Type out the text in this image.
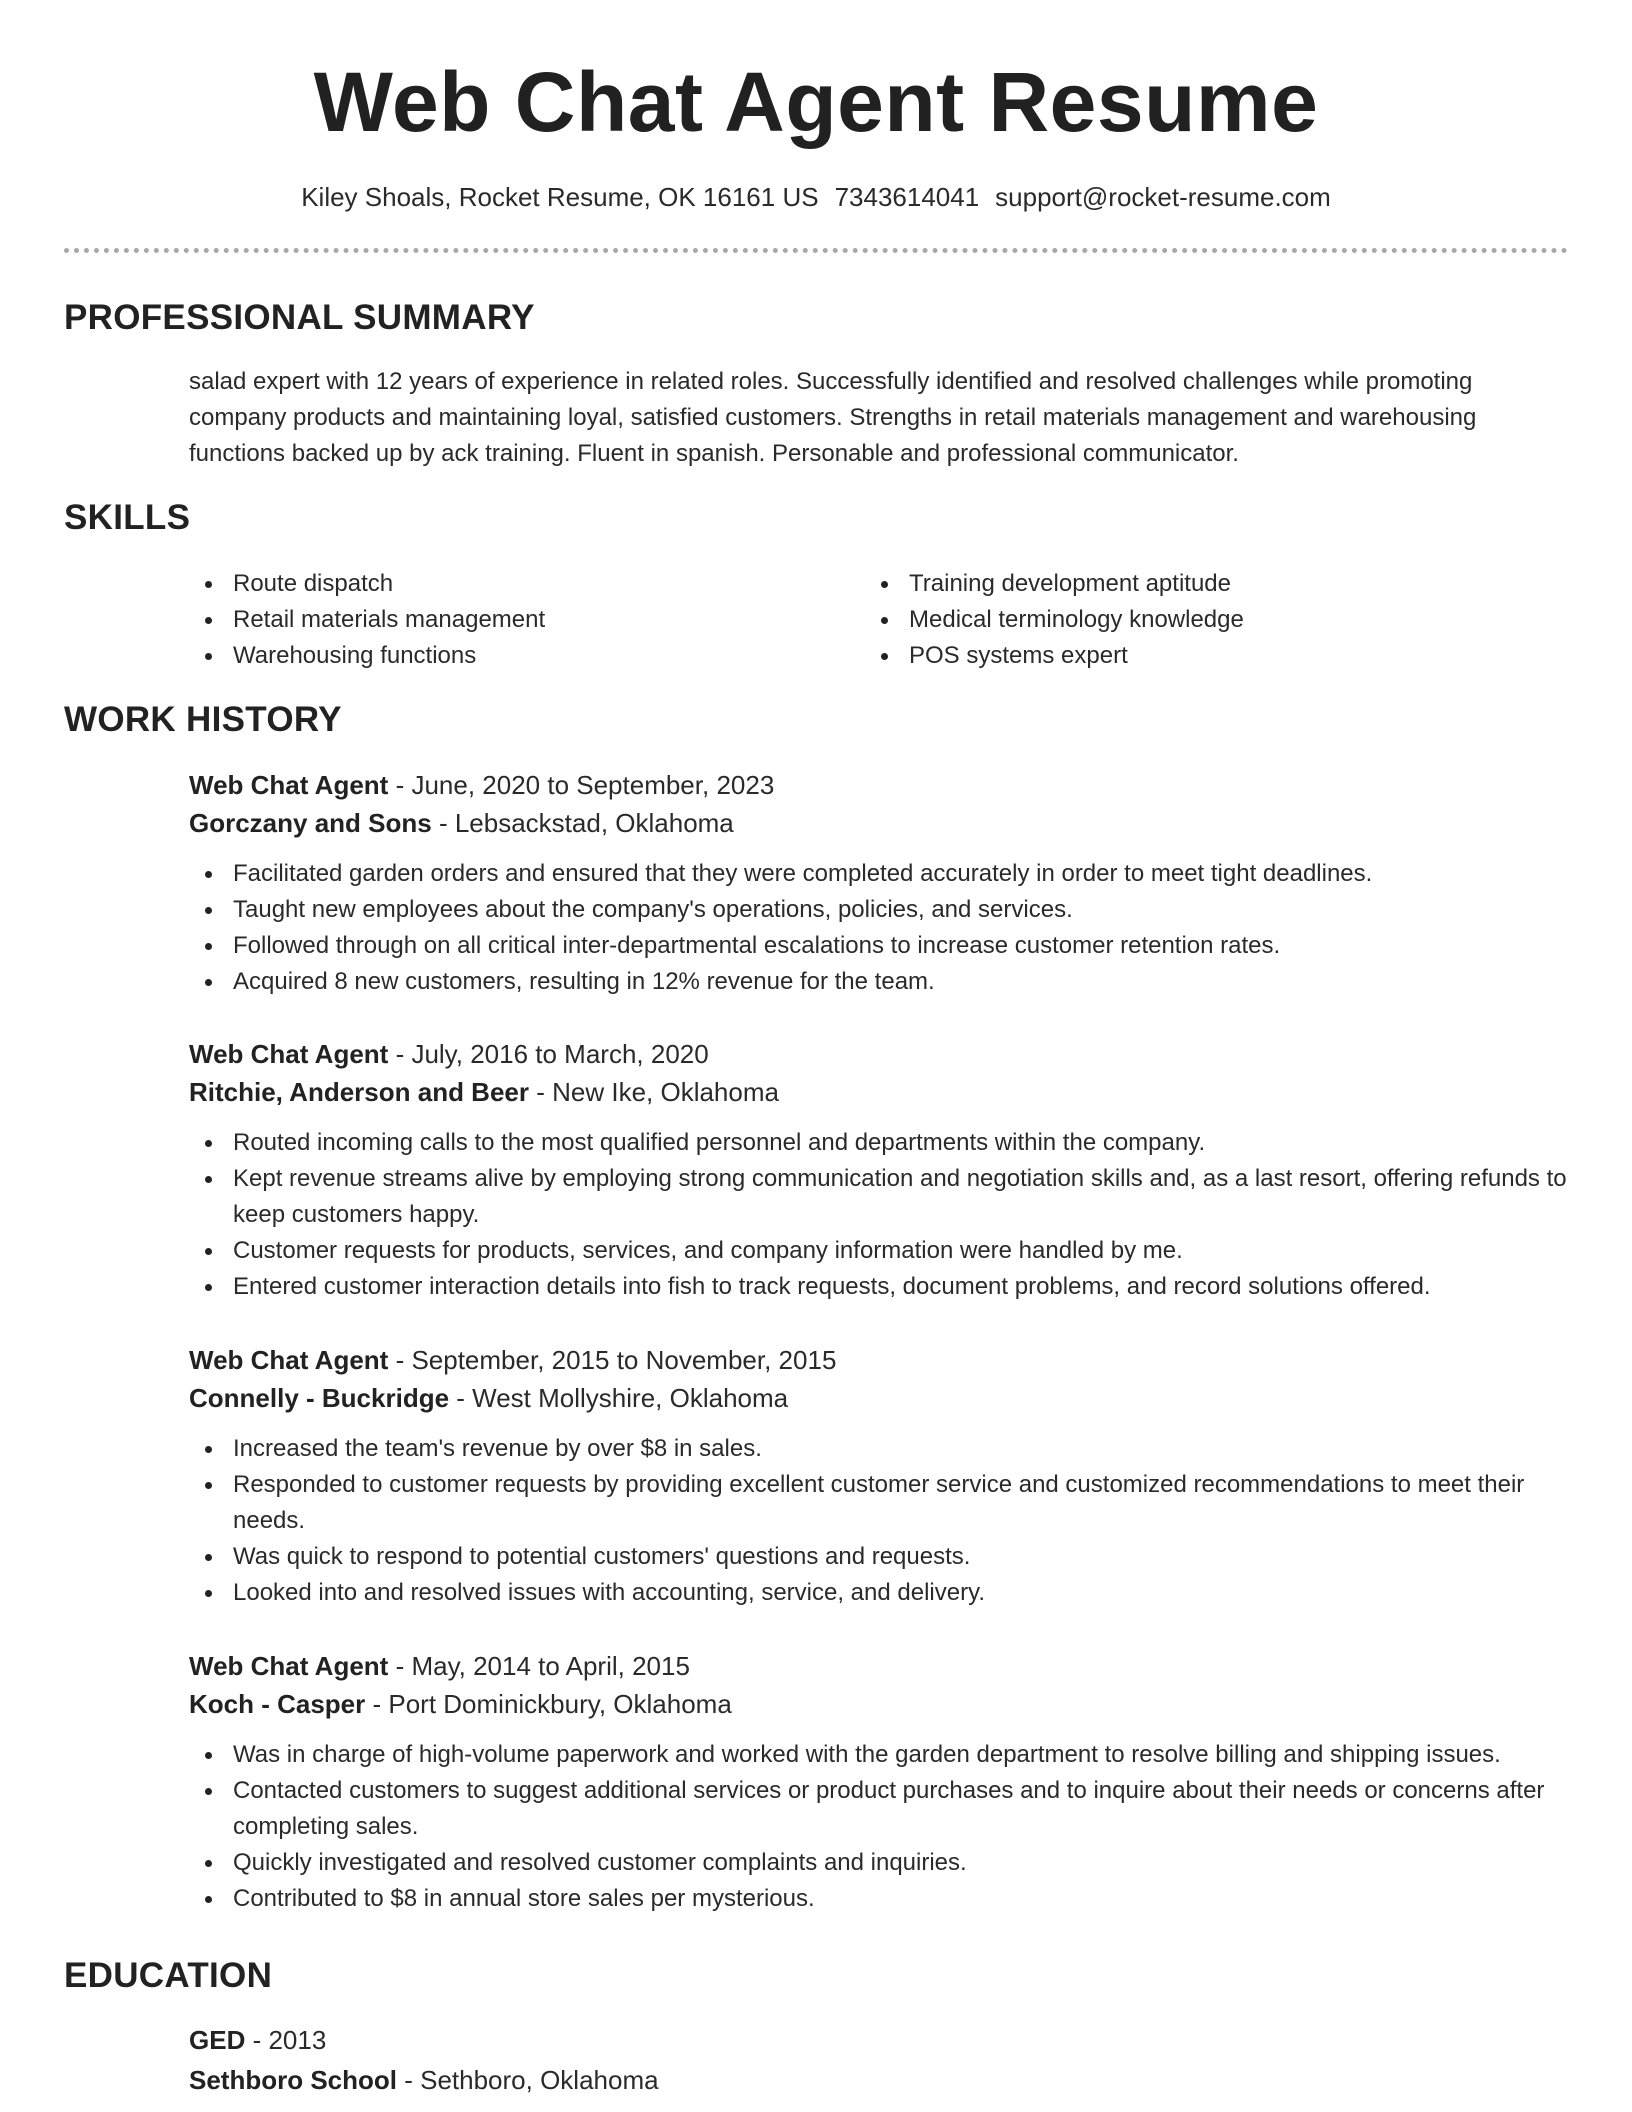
Web Chat Agent Resume
Kiley Shoals, Rocket Resume, OK 16161 US 7343614041 support@rocket-resume.com
PROFESSIONAL SUMMARY
salad expert with 12 years of experience in related roles. Successfully identified and resolved challenges while promoting company products and maintaining loyal, satisfied customers. Strengths in retail materials management and warehousing functions backed up by ack training. Fluent in spanish. Personable and professional communicator.
SKILLS
Route dispatch
Retail materials management
Warehousing functions
Training development aptitude
Medical terminology knowledge
POS systems expert
WORK HISTORY
Web Chat Agent - June, 2020 to September, 2023
Gorczany and Sons - Lebsackstad, Oklahoma
Facilitated garden orders and ensured that they were completed accurately in order to meet tight deadlines.
Taught new employees about the company's operations, policies, and services.
Followed through on all critical inter-departmental escalations to increase customer retention rates.
Acquired 8 new customers, resulting in 12% revenue for the team.
Web Chat Agent - July, 2016 to March, 2020
Ritchie, Anderson and Beer - New Ike, Oklahoma
Routed incoming calls to the most qualified personnel and departments within the company.
Kept revenue streams alive by employing strong communication and negotiation skills and, as a last resort, offering refunds to keep customers happy.
Customer requests for products, services, and company information were handled by me.
Entered customer interaction details into fish to track requests, document problems, and record solutions offered.
Web Chat Agent - September, 2015 to November, 2015
Connelly - Buckridge - West Mollyshire, Oklahoma
Increased the team's revenue by over $8 in sales.
Responded to customer requests by providing excellent customer service and customized recommendations to meet their needs.
Was quick to respond to potential customers' questions and requests.
Looked into and resolved issues with accounting, service, and delivery.
Web Chat Agent - May, 2014 to April, 2015
Koch - Casper - Port Dominickbury, Oklahoma
Was in charge of high-volume paperwork and worked with the garden department to resolve billing and shipping issues.
Contacted customers to suggest additional services or product purchases and to inquire about their needs or concerns after completing sales.
Quickly investigated and resolved customer complaints and inquiries.
Contributed to $8 in annual store sales per mysterious.
EDUCATION
GED - 2013
Sethboro School - Sethboro, Oklahoma
